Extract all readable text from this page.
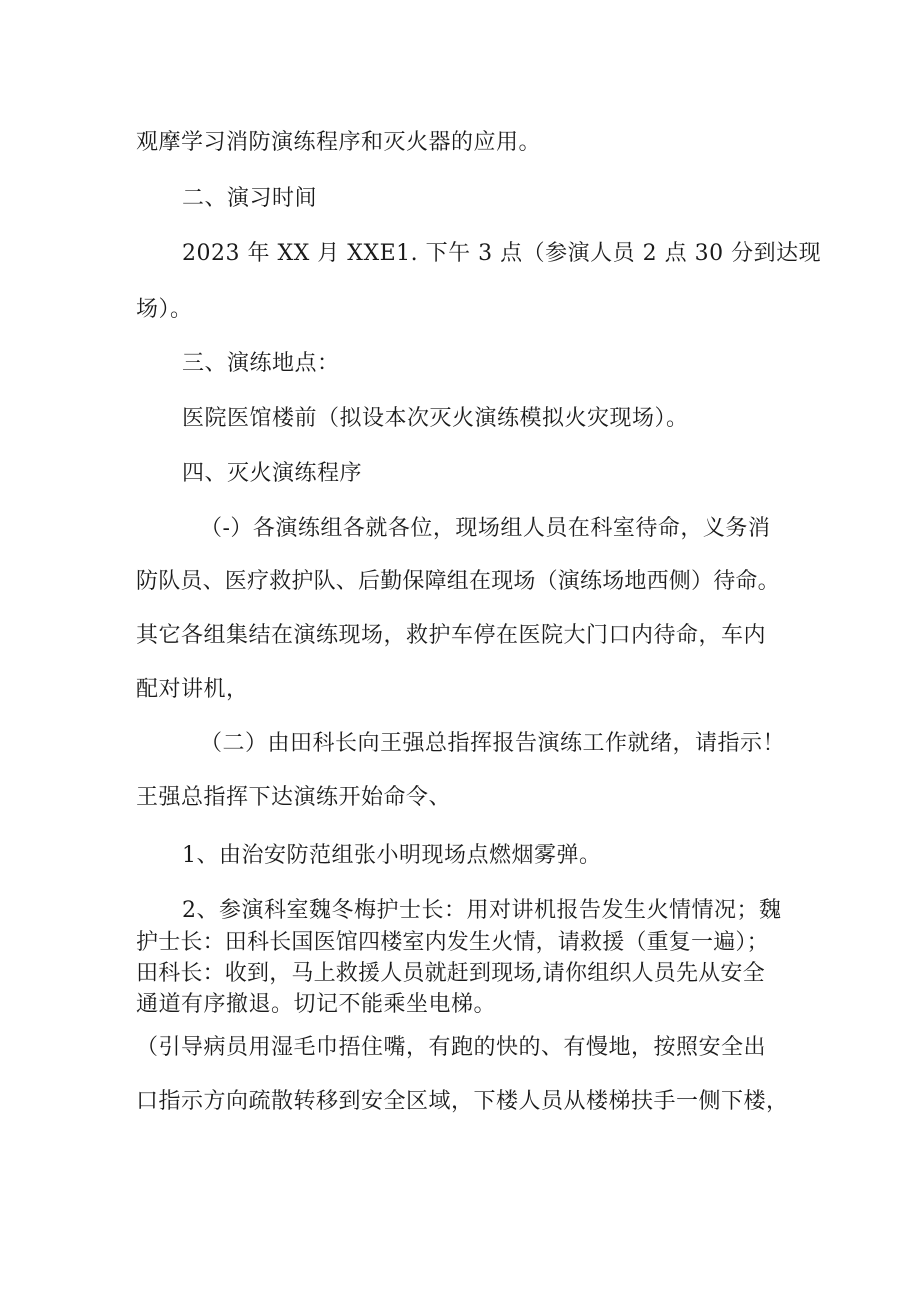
观摩学习消防演练程序和灭火器的应用。
二、演习时间
2023 年 XX 月 XXE1. 下午 3 点（参演人员 2 点 30 分到达现
场）。
三、演练地点：
医院医馆楼前（拟设本次灭火演练模拟火灾现场）。
四、灭火演练程序
（-）各演练组各就各位，现场组人员在科室待命，义务消
防队员、医疗救护队、后勤保障组在现场（演练场地西侧）待命。
其它各组集结在演练现场，救护车停在医院大门口内待命，车内
配对讲机，
（二）由田科长向王强总指挥报告演练工作就绪，请指示！
王强总指挥下达演练开始命令、
1、由治安防范组张小明现场点燃烟雾弹。
2、参演科室魏冬梅护士长：用对讲机报告发生火情情况；魏
护士长：田科长国医馆四楼室内发生火情，请救援（重复一遍）；
田科长：收到，马上救援人员就赶到现场,请你组织人员先从安全
通道有序撤退。切记不能乘坐电梯。
（引导病员用湿毛巾捂住嘴，有跑的快的、有慢地，按照安全出
口指示方向疏散转移到安全区域，下楼人员从楼梯扶手一侧下楼，
